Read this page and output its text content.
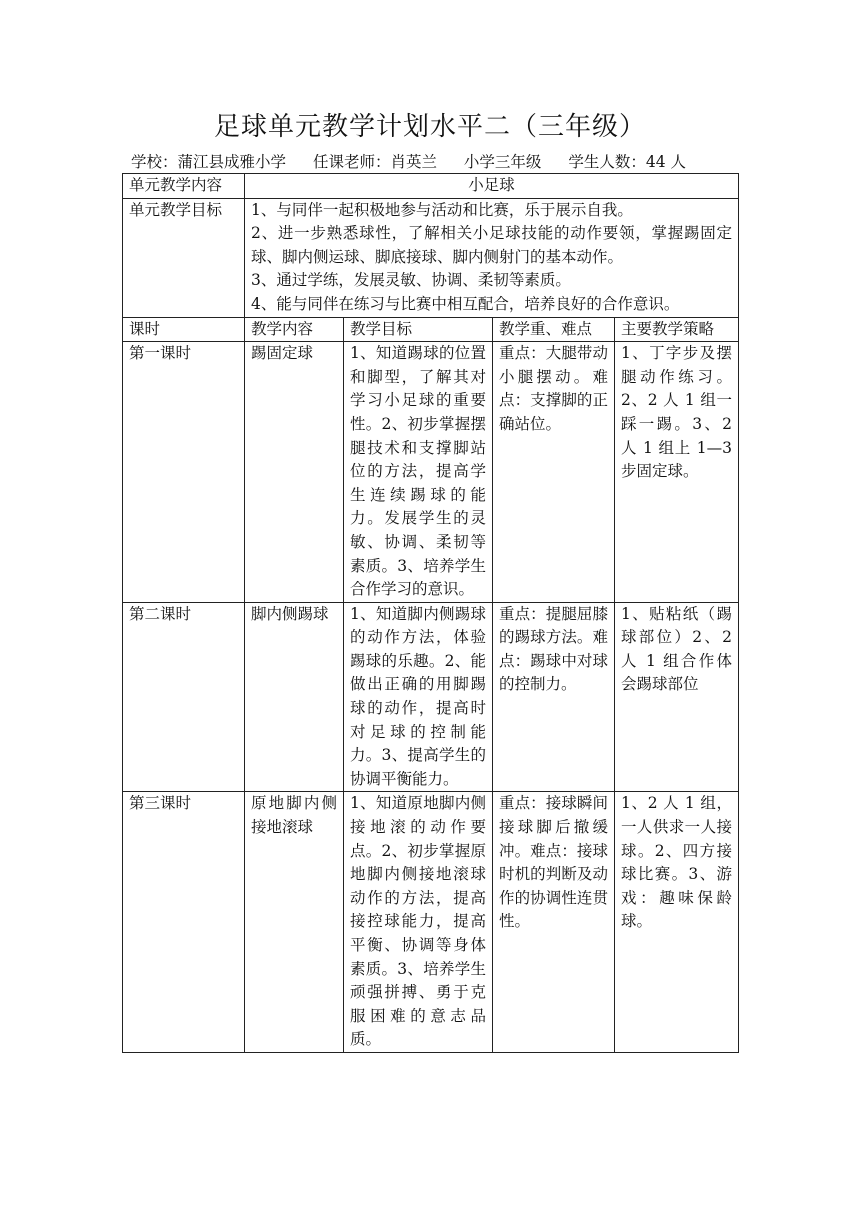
足球单元教学计划水平二（三年级）
学校：蒲江县成雅小学 任课老师：肖英兰 小学三年级 学生人数：44 人
单元教学内容	小足球			
单元教学目标	1、与同伴一起积极地参与活动和比赛，乐于展示自我。
2、进一步熟悉球性，了解相关小足球技能的动作要领，掌握踢固定球、脚内侧运球、脚底接球、脚内侧射门的基本动作。
3、通过学练，发展灵敏、协调、柔韧等素质。
4、能与同伴在练习与比赛中相互配合，培养良好的合作意识。			

课时	教学内容	教学目标	教学重、难点	主要教学策略
第一课时	踢固定球	1、知道踢球的位置和脚型，了解其对学习小足球的重要性。2、初步掌握摆腿技术和支撑脚站位的方法，提高学生连续踢球的能力。发展学生的灵敏、协调、柔韧等素质。3、培养学生合作学习的意识。	重点：大腿带动小腿摆动。难点：支撑脚的正确站位。	1、丁字步及摆腿动作练习。2、2 人 1 组一踩一踢。3、2 人 1 组上 1—3 步固定球。
第二课时	脚内侧踢球	1、知道脚内侧踢球的动作方法，体验踢球的乐趣。2、能做出正确的用脚踢球的动作，提高时对足球的控制能力。3、提高学生的协调平衡能力。	重点：提腿屈膝的踢球方法。难点：踢球中对球的控制力。	1、贴粘纸（踢球部位）2、2 人 1 组合作体会踢球部位
第三课时	原地脚内侧接地滚球	1、知道原地脚内侧接地滚的动作要点。2、初步掌握原地脚内侧接地滚球动作的方法，提高接控球能力，提高平衡、协调等身体素质。3、培养学生顽强拼搏、勇于克服困难的意志品质。	重点：接球瞬间接球脚后撤缓冲。难点：接球时机的判断及动作的协调性连贯性。	1、2 人 1 组，一人供求一人接球。2、四方接球比赛。3、游戏：趣味保龄球。
